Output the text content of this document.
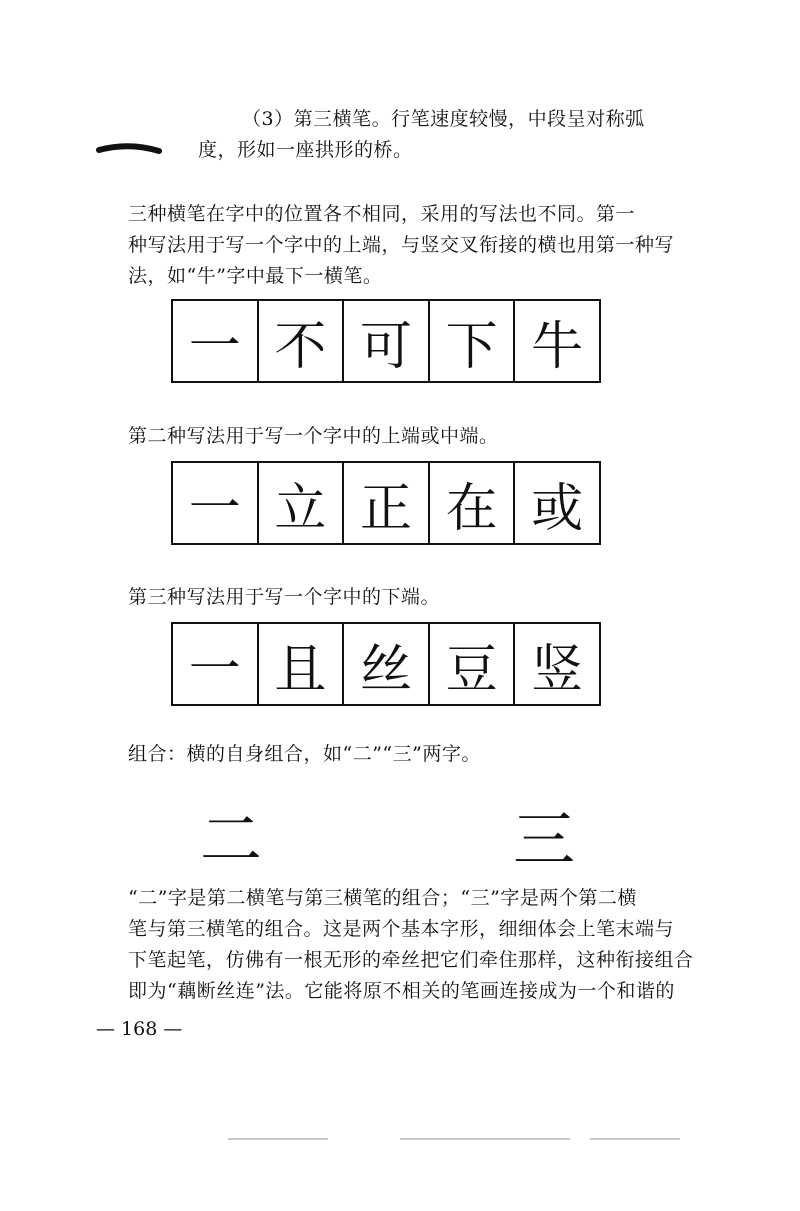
（3）第三横笔。行笔速度较慢，中段呈对称弧
度，形如一座拱形的桥。
三种横笔在字中的位置各不相同，采用的写法也不同。第一
种写法用于写一个字中的上端，与竖交叉衔接的横也用第一种写
法，如“牛”字中最下一横笔。
一 不 可 下 牛

第二种写法用于写一个字中的上端或中端。

一 立 正 在 或

第三种写法用于写一个字中的下端。

一 且 丝 豆 竖

组合：横的自身组合，如“二”“三”两字。

二	三
“二”字是第二横笔与第三横笔的组合；“三”字是两个第二横
笔与第三横笔的组合。这是两个基本字形，细细体会上笔末端与
下笔起笔，仿佛有一根无形的牵丝把它们牵住那样，这种衔接组合
即为“藕断丝连”法。它能将原不相关的笔画连接成为一个和谐的
— 168 —
